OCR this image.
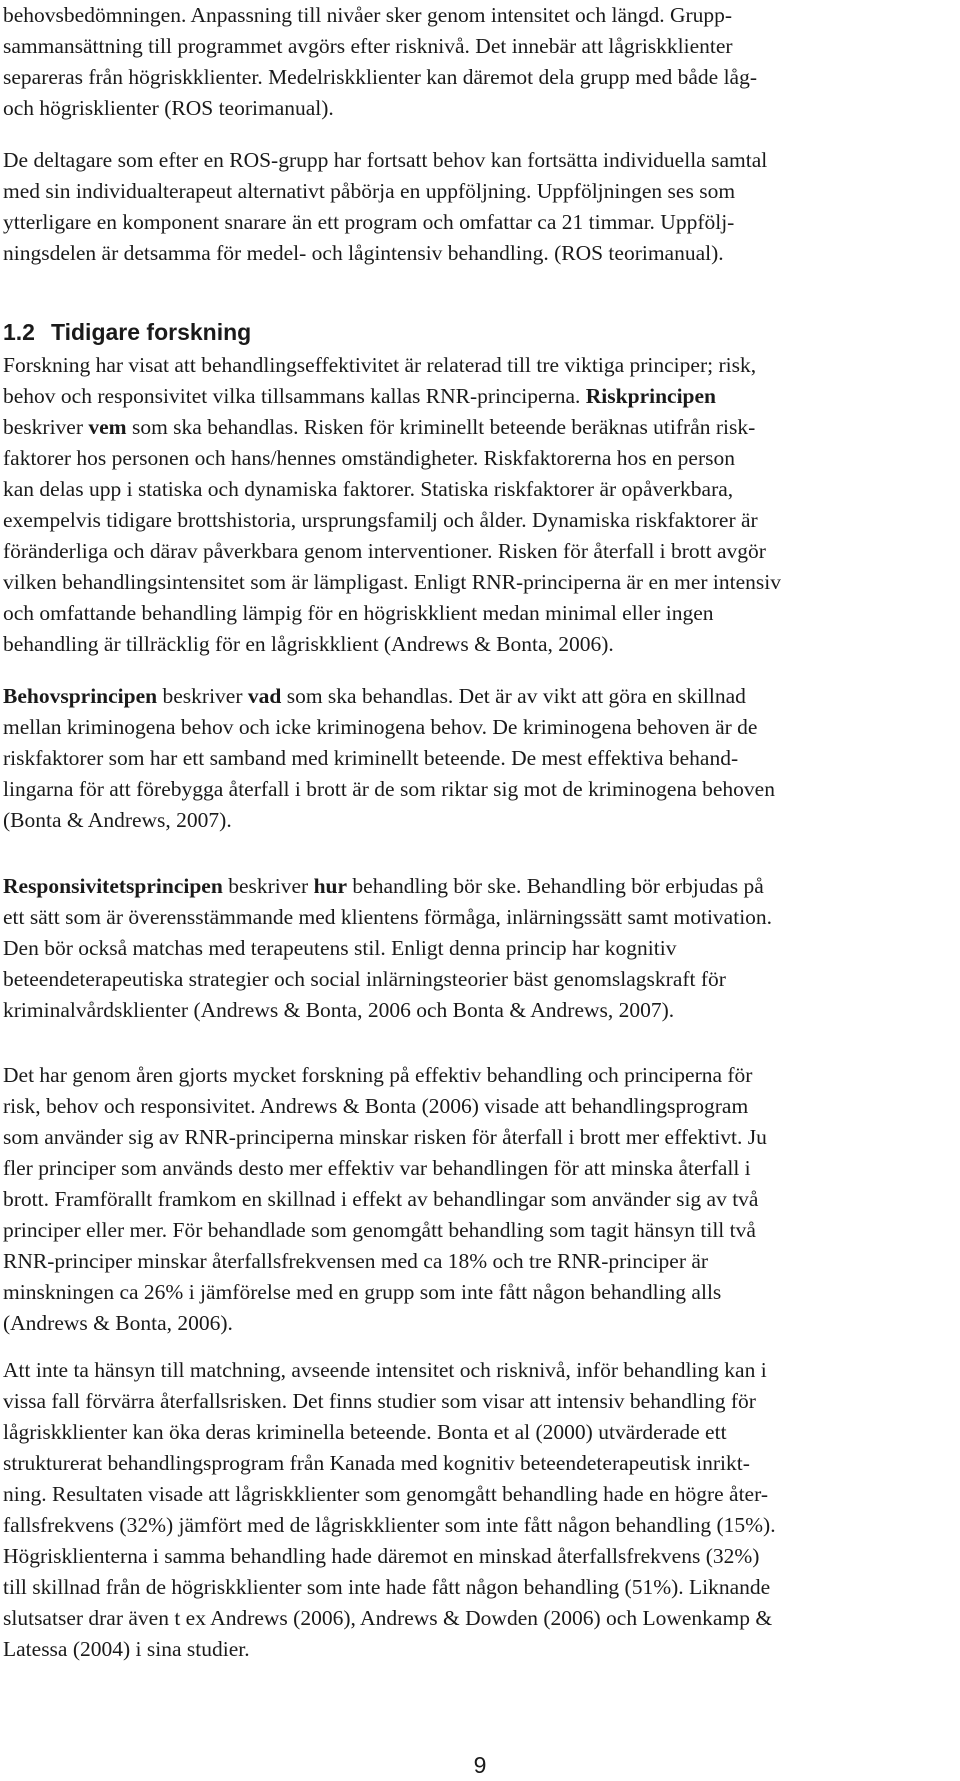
behovsbedömningen. Anpassning till nivåer sker genom intensitet och längd. Grupp-
sammansättning till programmet avgörs efter risknivå. Det innebär att lågriskklienter
separeras från högriskklienter. Medelriskklienter kan däremot dela grupp med både låg-
och högrisklienter (ROS teorimanual).

De deltagare som efter en ROS-grupp har fortsatt behov kan fortsätta individuella samtal
med sin individualterapeut alternativt påbörja en uppföljning. Uppföljningen ses som
ytterligare en komponent snarare än ett program och omfattar ca 21 timmar. Uppfölj-
ningsdelen är detsamma för medel- och lågintensiv behandling. (ROS teorimanual).

1.2 Tidigare forskning

Forskning har visat att behandlingseffektivitet är relaterad till tre viktiga principer; risk,
behov och responsivitet vilka tillsammans kallas RNR-principerna. Riskprincipen
beskriver vem som ska behandlas. Risken för kriminellt beteende beräknas utifrån risk-
faktorer hos personen och hans/hennes omständigheter. Riskfaktorerna hos en person
kan delas upp i statiska och dynamiska faktorer. Statiska riskfaktorer är opåverkbara,
exempelvis tidigare brottshistoria, ursprungsfamilj och ålder. Dynamiska riskfaktorer är
föränderliga och därav påverkbara genom interventioner. Risken för återfall i brott avgör
vilken behandlingsintensitet som är lämpligast. Enligt RNR-principerna är en mer intensiv
och omfattande behandling lämpig för en högriskklient medan minimal eller ingen
behandling är tillräcklig för en lågriskklient (Andrews & Bonta, 2006).

Behovsprincipen beskriver vad som ska behandlas. Det är av vikt att göra en skillnad
mellan kriminogena behov och icke kriminogena behov. De kriminogena behoven är de
riskfaktorer som har ett samband med kriminellt beteende. De mest effektiva behand-
lingarna för att förebygga återfall i brott är de som riktar sig mot de kriminogena behoven
(Bonta & Andrews, 2007).

Responsivitetsprincipen beskriver hur behandling bör ske. Behandling bör erbjudas på
ett sätt som är överensstämmande med klientens förmåga, inlärningssätt samt motivation.
Den bör också matchas med terapeutens stil. Enligt denna princip har kognitiv
beteendeterapeutiska strategier och social inlärningsteorier bäst genomslagskraft för
kriminalvårdsklienter (Andrews & Bonta, 2006 och Bonta & Andrews, 2007).

Det har genom åren gjorts mycket forskning på effektiv behandling och principerna för
risk, behov och responsivitet. Andrews & Bonta (2006) visade att behandlingsprogram
som använder sig av RNR-principerna minskar risken för återfall i brott mer effektivt. Ju
fler principer som används desto mer effektiv var behandlingen för att minska återfall i
brott. Framförallt framkom en skillnad i effekt av behandlingar som använder sig av två
principer eller mer. För behandlade som genomgått behandling som tagit hänsyn till två
RNR-principer minskar återfallsfrekvensen med ca 18% och tre RNR-principer är
minskningen ca 26% i jämförelse med en grupp som inte fått någon behandling alls
(Andrews & Bonta, 2006).

Att inte ta hänsyn till matchning, avseende intensitet och risknivå, inför behandling kan i
vissa fall förvärra återfallsrisken. Det finns studier som visar att intensiv behandling för
lågriskklienter kan öka deras kriminella beteende. Bonta et al (2000) utvärderade ett
strukturerat behandlingsprogram från Kanada med kognitiv beteendeterapeutisk inrikt-
ning. Resultaten visade att lågriskklienter som genomgått behandling hade en högre åter-
fallsfrekvens (32%) jämfört med de lågriskklienter som inte fått någon behandling (15%).
Högrisklienterna i samma behandling hade däremot en minskad återfallsfrekvens (32%)
till skillnad från de högriskklienter som inte hade fått någon behandling (51%). Liknande
slutsatser drar även t ex Andrews (2006), Andrews & Dowden (2006) och Lowenkamp &
Latessa (2004) i sina studier.

9
